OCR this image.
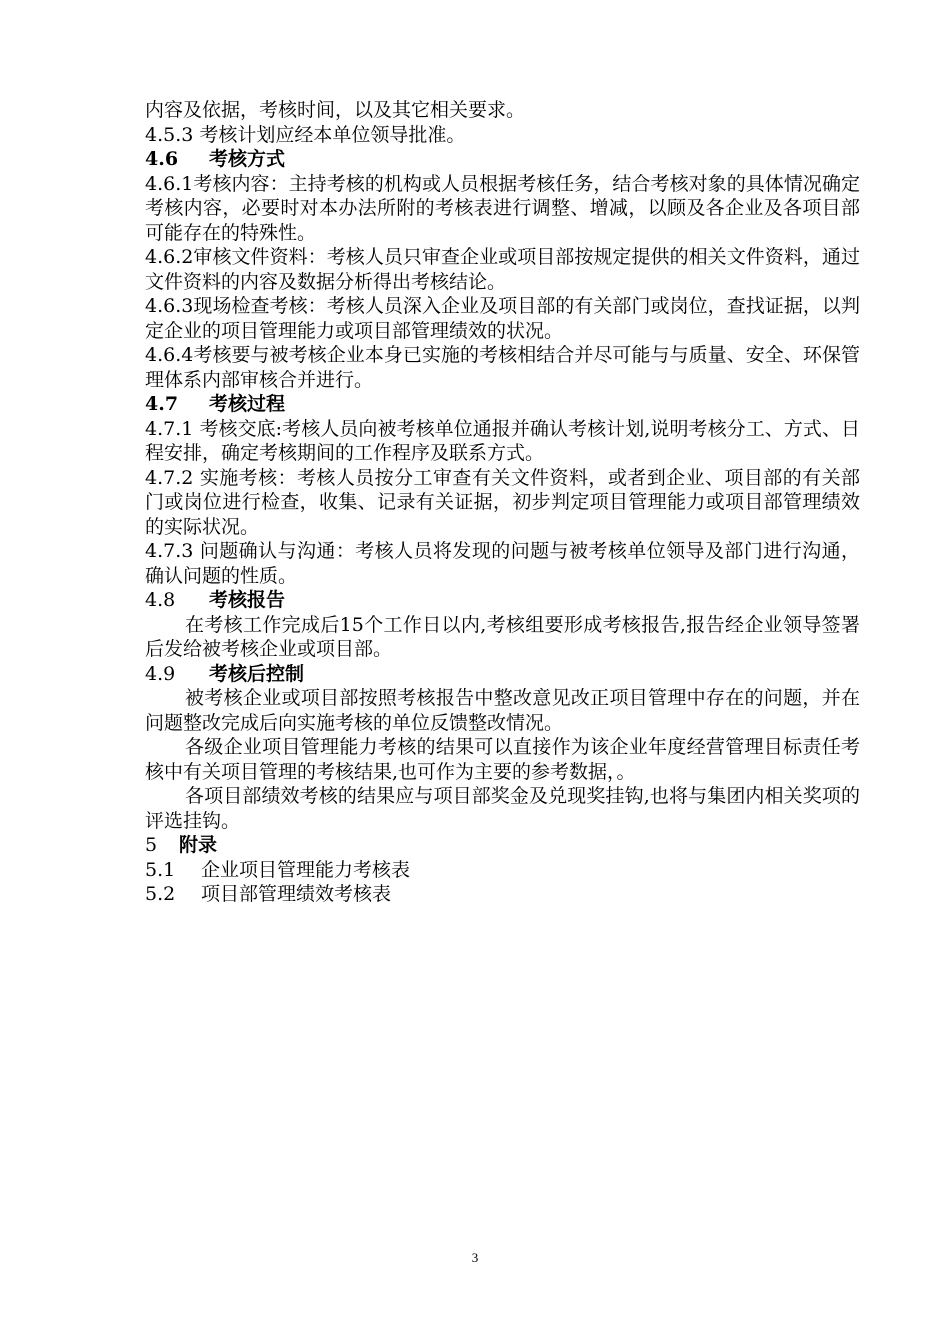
内容及依据，考核时间，以及其它相关要求。

4.5.3 考核计划应经本单位领导批准。

4.6 考核方式

4.6.1考核内容：主持考核的机构或人员根据考核任务，结合考核对象的具体情况确定考核内容，必要时对本办法所附的考核表进行调整、增减，以顾及各企业及各项目部可能存在的特殊性。

4.6.2审核文件资料：考核人员只审查企业或项目部按规定提供的相关文件资料，通过文件资料的内容及数据分析得出考核结论。

4.6.3现场检查考核：考核人员深入企业及项目部的有关部门或岗位，查找证据，以判定企业的项目管理能力或项目部管理绩效的状况。

4.6.4考核要与被考核企业本身已实施的考核相结合并尽可能与与质量、安全、环保管理体系内部审核合并进行。

4.7 考核过程

4.7.1 考核交底:考核人员向被考核单位通报并确认考核计划,说明考核分工、方式、日程安排，确定考核期间的工作程序及联系方式。

4.7.2 实施考核：考核人员按分工审查有关文件资料，或者到企业、项目部的有关部门或岗位进行检查，收集、记录有关证据，初步判定项目管理能力或项目部管理绩效的实际状况。

4.7.3 问题确认与沟通：考核人员将发现的问题与被考核单位领导及部门进行沟通，确认问题的性质。

4.8 考核报告

在考核工作完成后15个工作日以内,考核组要形成考核报告,报告经企业领导签署后发给被考核企业或项目部。

4.9 考核后控制

被考核企业或项目部按照考核报告中整改意见改正项目管理中存在的问题，并在问题整改完成后向实施考核的单位反馈整改情况。

各级企业项目管理能力考核的结果可以直接作为该企业年度经营管理目标责任考核中有关项目管理的考核结果,也可作为主要的参考数据，。

各项目部绩效考核的结果应与项目部奖金及兑现奖挂钩,也将与集团内相关奖项的评选挂钩。

5 附录

5.1 企业项目管理能力考核表

5.2 项目部管理绩效考核表

3
